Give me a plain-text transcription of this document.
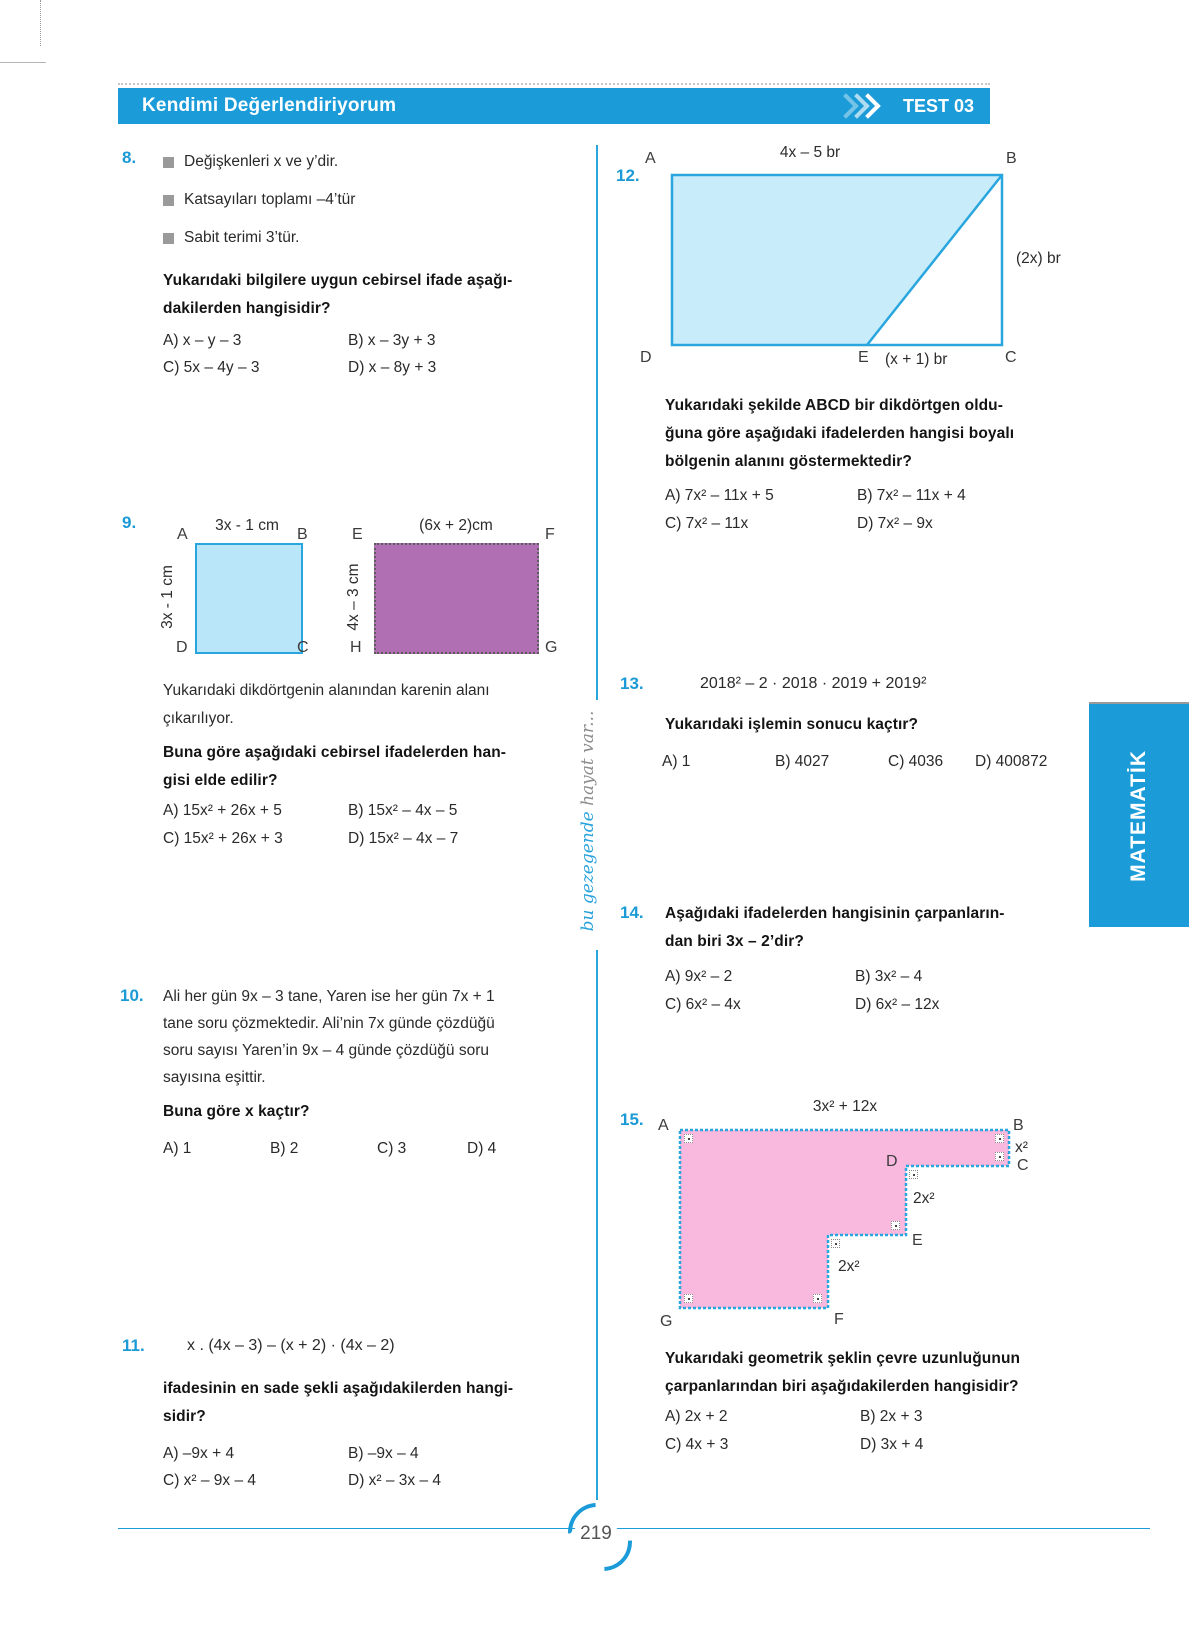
Kendimi Değerlendiriyorum	TEST 03
bu gezegende hayat var...
8.	Değişkenleri x ve y’dir.
Katsayıları toplamı –4’tür
Sabit terimi 3’tür.
Yukarıdaki bilgilere uygun cebirsel ifade aşağı-
dakilerden hangisidir?
A) x – y – 3	B) x – 3y + 3
C) 5x – 4y – 3	D) x – 8y + 3
9.	3x - 1 cm
A	B
D	C
3x - 1 cm
(6x + 2)cm
E	F
H	G
4x – 3 cm
Yukarıdaki dikdörtgenin alanından karenin alanı
çıkarılıyor.
Buna göre aşağıdaki cebirsel ifadelerden han-
gisi elde edilir?
A) 15x² + 26x + 5	B) 15x² – 4x – 5
C) 15x² + 26x + 3	D) 15x² – 4x – 7
10. Ali her gün 9x – 3 tane, Yaren ise her gün 7x + 1
tane soru çözmektedir. Ali’nin 7x günde çözdüğü
soru sayısı Yaren’in 9x – 4 günde çözdüğü soru
sayısına eşittir.
Buna göre x kaçtır?
A) 1	B) 2	C) 3	D) 4
11.	x . (4x – 3) – (x + 2) · (4x – 2)
ifadesinin en sade şekli aşağıdakilerden hangi-
sidir?
A) –9x + 4	B) –9x – 4
C) x² – 9x – 4	D) x² – 3x – 4
12.
A	4x – 5 br	B
(2x) br
D	E (x + 1) br	C
Yukarıdaki şekilde ABCD bir dikdörtgen oldu-
ğuna göre aşağıdaki ifadelerden hangisi boyalı
bölgenin alanını göstermektedir?
A) 7x² – 11x + 5	B) 7x² – 11x + 4
C) 7x² – 11x	D) 7x² – 9x
13.	2018² – 2 · 2018 · 2019 + 2019²
Yukarıdaki işlemin sonucu kaçtır?
A) 1	B) 4027	C) 4036 D) 400872
14. Aşağıdaki ifadelerden hangisinin çarpanların-
dan biri 3x – 2’dir?
A) 9x² – 2	B) 3x² – 4
C) 6x² – 4x	D) 6x² – 12x
15.
3x² + 12x
A	B
x²
C
D
2x²
E
2x²
F
G
Yukarıdaki geometrik şeklin çevre uzunluğunun
çarpanlarından biri aşağıdakilerden hangisidir?
A) 2x + 2	B) 2x + 3
C) 4x + 3	D) 3x + 4
MATEMATİK
219
